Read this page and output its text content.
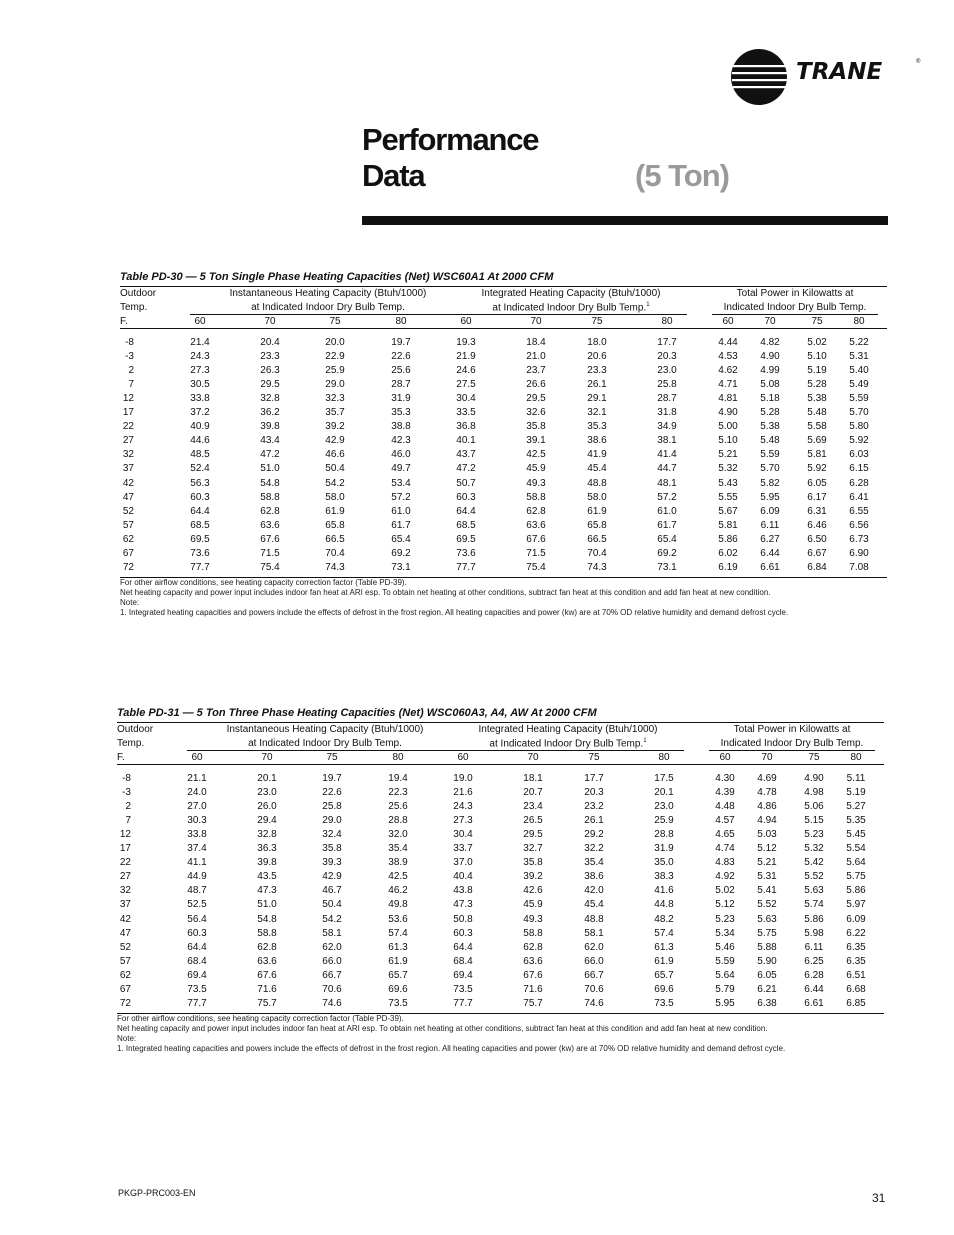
TRANE	®
Performance
Data	(5 Ton)
Table PD-30 — 5 Ton Single Phase Heating Capacities (Net) WSC60A1 At 2000 CFM
Outdoor
Temp.
F.
Instantaneous Heating Capacity (Btuh/1000)
at Indicated Indoor Dry Bulb Temp.
Integrated Heating Capacity (Btuh/1000)
at Indicated Indoor Dry Bulb Temp.$^1$
Total Power in Kilowatts at
Indicated Indoor Dry Bulb Temp.
60	70	75	80	60	70	75	80	60	70	75	80
-8	21.4	20.4	20.0	19.7	19.3	18.4	18.0	17.7	4.44	4.82	5.02	5.22
-3	24.3	23.3	22.9	22.6	21.9	21.0	20.6	20.3	4.53	4.90	5.10	5.31
2	27.3	26.3	25.9	25.6	24.6	23.7	23.3	23.0	4.62	4.99	5.19	5.40
7	30.5	29.5	29.0	28.7	27.5	26.6	26.1	25.8	4.71	5.08	5.28	5.49
12	33.8	32.8	32.3	31.9	30.4	29.5	29.1	28.7	4.81	5.18	5.38	5.59
17	37.2	36.2	35.7	35.3	33.5	32.6	32.1	31.8	4.90	5.28	5.48	5.70
22	40.9	39.8	39.2	38.8	36.8	35.8	35.3	34.9	5.00	5.38	5.58	5.80
27	44.6	43.4	42.9	42.3	40.1	39.1	38.6	38.1	5.10	5.48	5.69	5.92
32	48.5	47.2	46.6	46.0	43.7	42.5	41.9	41.4	5.21	5.59	5.81	6.03
37	52.4	51.0	50.4	49.7	47.2	45.9	45.4	44.7	5.32	5.70	5.92	6.15
42	56.3	54.8	54.2	53.4	50.7	49.3	48.8	48.1	5.43	5.82	6.05	6.28
47	60.3	58.8	58.0	57.2	60.3	58.8	58.0	57.2	5.55	5.95	6.17	6.41
52	64.4	62.8	61.9	61.0	64.4	62.8	61.9	61.0	5.67	6.09	6.31	6.55
57	68.5	63.6	65.8	61.7	68.5	63.6	65.8	61.7	5.81	6.11	6.46	6.56
62	69.5	67.6	66.5	65.4	69.5	67.6	66.5	65.4	5.86	6.27	6.50	6.73
67	73.6	71.5	70.4	69.2	73.6	71.5	70.4	69.2	6.02	6.44	6.67	6.90
72	77.7	75.4	74.3	73.1	77.7	75.4	74.3	73.1	6.19	6.61	6.84	7.08
For other airflow conditions, see heating capacity correction factor (Table PD-39).
Net heating capacity and power input includes indoor fan heat at ARI esp. To obtain net heating at other conditions, subtract fan heat at this condition and add fan heat at new condition.
Note:
1. Integrated heating capacities and powers include the effects of defrost in the frost region. All heating capacities and power (kw) are at 70% OD relative humidity and demand defrost cycle.
Table PD-31 — 5 Ton Three Phase Heating Capacities (Net) WSC060A3, A4, AW At 2000 CFM
Outdoor
Temp.
F.
Instantaneous Heating Capacity (Btuh/1000)
at Indicated Indoor Dry Bulb Temp.
Integrated Heating Capacity (Btuh/1000)
at Indicated Indoor Dry Bulb Temp.$^1$
Total Power in Kilowatts at
Indicated Indoor Dry Bulb Temp.
60	70	75	80	60	70	75	80	60	70	75	80
-8	21.1	20.1	19.7	19.4	19.0	18.1	17.7	17.5	4.30	4.69	4.90	5.11
-3	24.0	23.0	22.6	22.3	21.6	20.7	20.3	20.1	4.39	4.78	4.98	5.19
2	27.0	26.0	25.8	25.6	24.3	23.4	23.2	23.0	4.48	4.86	5.06	5.27
7	30.3	29.4	29.0	28.8	27.3	26.5	26.1	25.9	4.57	4.94	5.15	5.35
12	33.8	32.8	32.4	32.0	30.4	29.5	29.2	28.8	4.65	5.03	5.23	5.45
17	37.4	36.3	35.8	35.4	33.7	32.7	32.2	31.9	4.74	5.12	5.32	5.54
22	41.1	39.8	39.3	38.9	37.0	35.8	35.4	35.0	4.83	5.21	5.42	5.64
27	44.9	43.5	42.9	42.5	40.4	39.2	38.6	38.3	4.92	5.31	5.52	5.75
32	48.7	47.3	46.7	46.2	43.8	42.6	42.0	41.6	5.02	5.41	5.63	5.86
37	52.5	51.0	50.4	49.8	47.3	45.9	45.4	44.8	5.12	5.52	5.74	5.97
42	56.4	54.8	54.2	53.6	50.8	49.3	48.8	48.2	5.23	5.63	5.86	6.09
47	60.3	58.8	58.1	57.4	60.3	58.8	58.1	57.4	5.34	5.75	5.98	6.22
52	64.4	62.8	62.0	61.3	64.4	62.8	62.0	61.3	5.46	5.88	6.11	6.35
57	68.4	63.6	66.0	61.9	68.4	63.6	66.0	61.9	5.59	5.90	6.25	6.35
62	69.4	67.6	66.7	65.7	69.4	67.6	66.7	65.7	5.64	6.05	6.28	6.51
67	73.5	71.6	70.6	69.6	73.5	71.6	70.6	69.6	5.79	6.21	6.44	6.68
72	77.7	75.7	74.6	73.5	77.7	75.7	74.6	73.5	5.95	6.38	6.61	6.85
For other airflow conditions, see heating capacity correction factor (Table PD-39).
Net heating capacity and power input includes indoor fan heat at ARI esp. To obtain net heating at other conditions, subtract fan heat at this condition and add fan heat at new condition.
Note:
1. Integrated heating capacities and powers include the effects of defrost in the frost region. All heating capacities and power (kw) are at 70% OD relative humidity and demand defrost cycle.
PKGP-PRC003-EN	31
